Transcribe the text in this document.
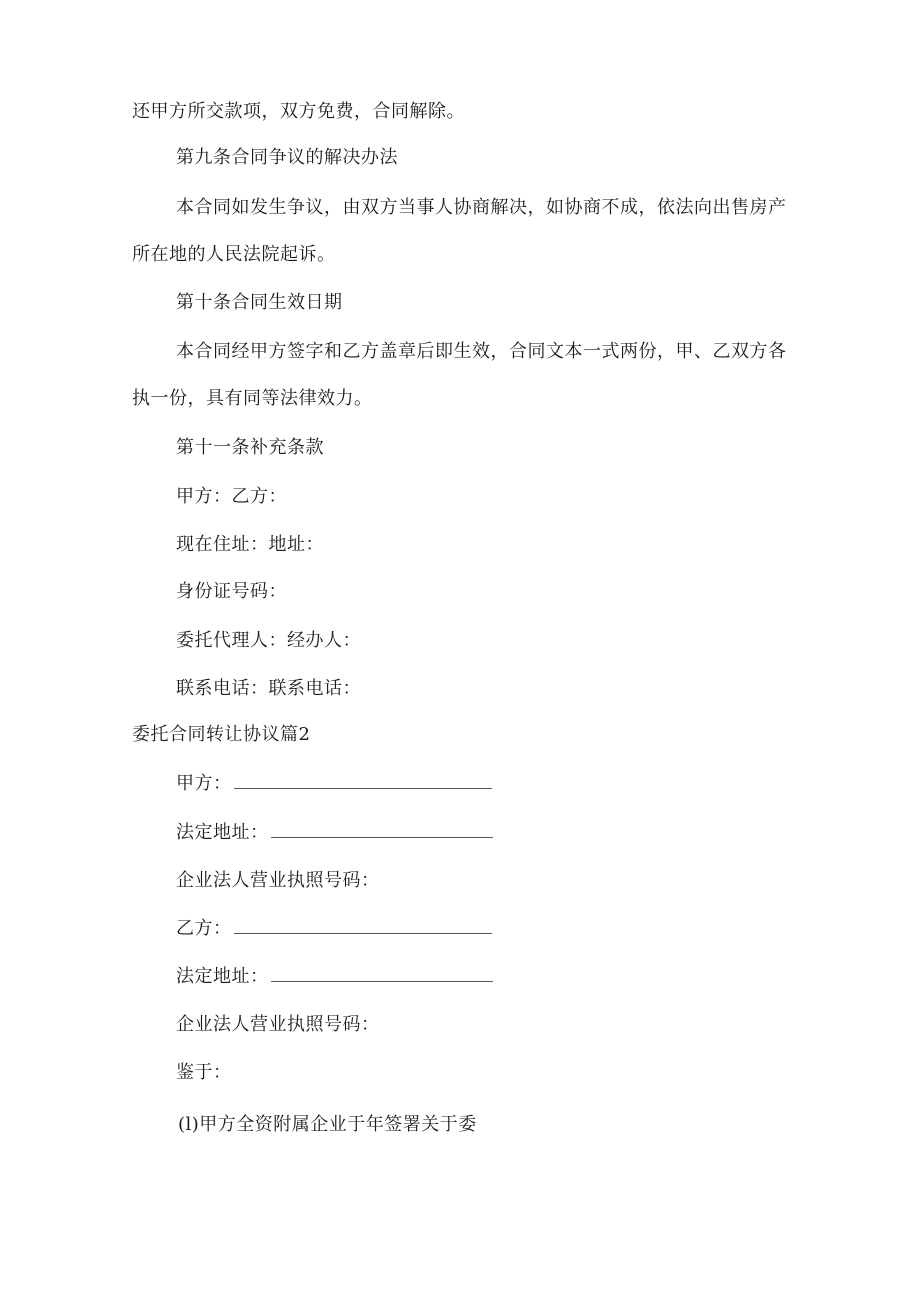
还甲方所交款项，双方免费，合同解除。
第九条合同争议的解决办法
本合同如发生争议，由双方当事人协商解决，如协商不成，依法向出售房产
所在地的人民法院起诉。
第十条合同生效日期
本合同经甲方签字和乙方盖章后即生效，合同文本一式两份，甲、乙双方各
执一份，具有同等法律效力。
第十一条补充条款
甲方：乙方：
现在住址：地址：
身份证号码：
委托代理人：经办人：
联系电话：联系电话：
委托合同转让协议篇2
甲方：
法定地址：
企业法人营业执照号码：
乙方：
法定地址：
企业法人营业执照号码：
鉴于：
(l)甲方全资附属企业于年签署关于委
